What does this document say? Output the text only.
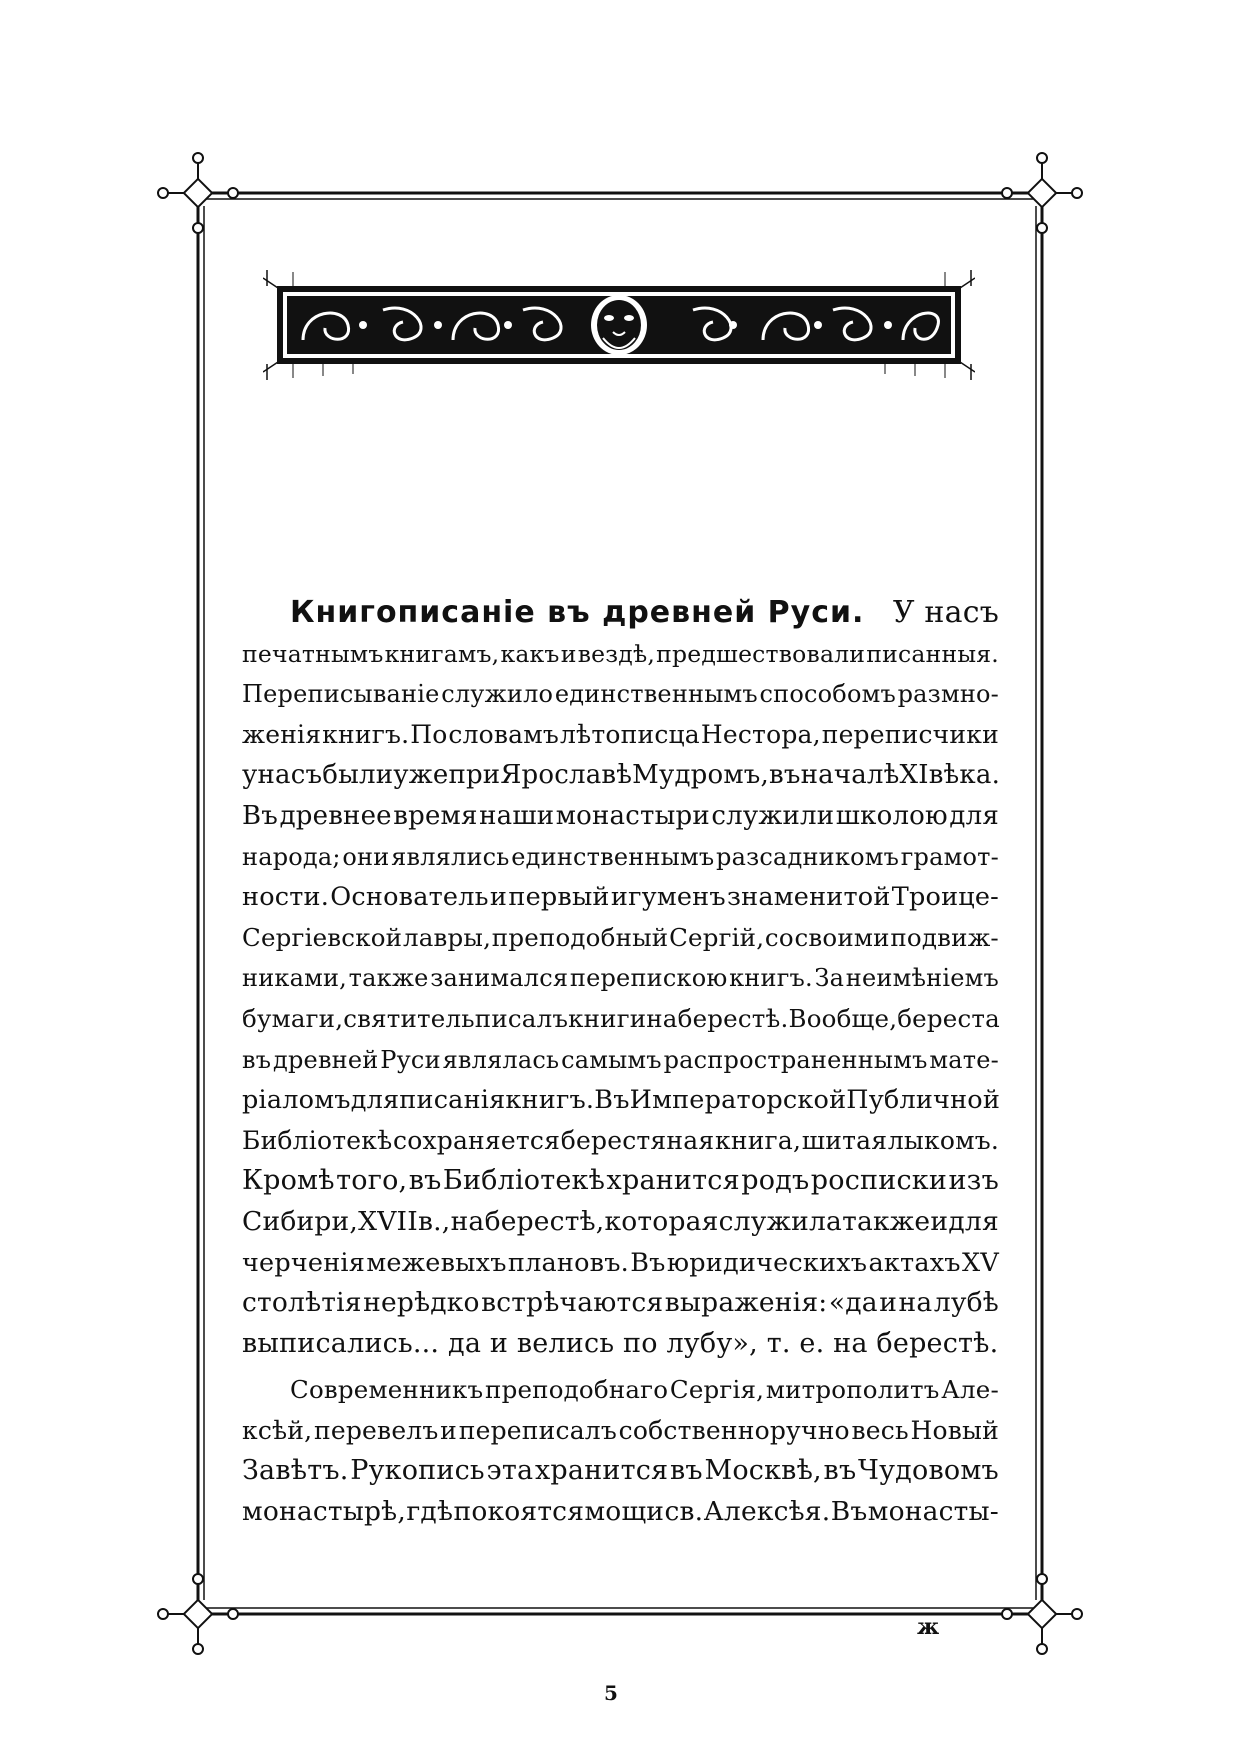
Книгописаніе въ древней Руси. У насъ
печатнымъ книгамъ, какъ и вездѣ, предшествовали писанныя.
Переписываніе служило единственнымъ способомъ размно-
женія книгъ. По словамъ лѣтописца Нестора, переписчики
у насъ были уже при Ярославѣ Мудромъ, въ началѣ XI вѣка.
Въ древнее время наши монастыри служили школою для
народа; они являлись единственнымъ разсадникомъ грамот-
ности. Основатель и первый игуменъ знаменитой Троице-
Сергіевской лавры, преподобный Сергій, со своими подвиж-
никами, также занимался перепискою книгъ. За неимѣніемъ
бумаги, святитель писалъ книги на берестѣ. Вообще, береста
въ древней Руси являлась самымъ распространеннымъ мате-
ріаломъ для писанія книгъ. Въ Императорской Публичной
Библіотекѣ сохраняется берестяная книга, шитая лыкомъ.
Кромѣ того, въ Библіотекѣ хранится родъ росписки изъ
Сибири, XVII в., на берестѣ, которая служила также и для
черченія межевыхъ плановъ. Въ юридическихъ актахъ XV
столѣтія нерѣдко встрѣчаются выраженія: «да и на лубѣ
выписались... да и велись по лубу», т. е. на берестѣ.
Современникъ преподобнаго Сергія, митрополитъ Але-
ксѣй, перевелъ и переписалъ собственноручно весь Новый
Завѣтъ. Рукопись эта хранится въ Москвѣ, въ Чудовомъ
монастырѣ, гдѣ покоятся мощи св. Алексѣя. Въ монасты-
ж
5
